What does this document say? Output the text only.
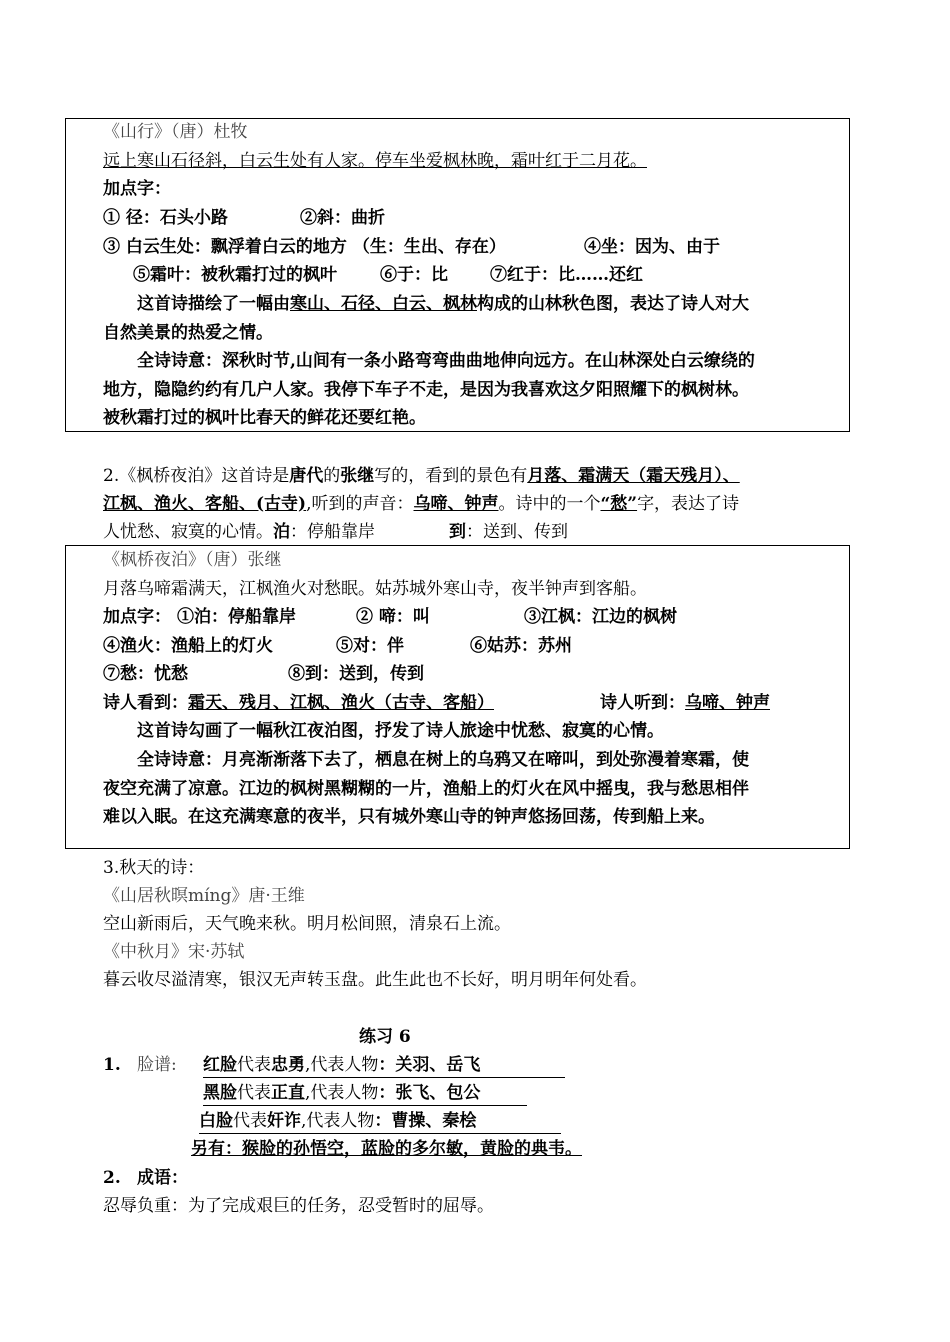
《山行》（唐）杜牧
远上寒山石径斜，白云生处有人家。停车坐爱枫林晚，霜叶红于二月花。
加点字：
① 径：石头小路	②斜：曲折
③ 白云生处：飘浮着白云的地方 （生：生出、存在）	④坐：因为、由于
⑤霜叶：被秋霜打过的枫叶	⑥于：比 ⑦红于：比……还红
这首诗描绘了一幅由寒山、石径、白云、枫林构成的山林秋色图，表达了诗人对大
自然美景的热爱之情。
全诗诗意：深秋时节,山间有一条小路弯弯曲曲地伸向远方。在山林深处白云缭绕的
地方，隐隐约约有几户人家。我停下车子不走，是因为我喜欢这夕阳照耀下的枫树林。
被秋霜打过的枫叶比春天的鲜花还要红艳。
2.《枫桥夜泊》这首诗是唐代的张继写的，看到的景色有月落、霜满天（霜天残月）、
江枫、渔火、客船、(古寺),听到的声音：乌啼、钟声。诗中的一个“愁”字，表达了诗
人忧愁、寂寞的心情。泊：停船靠岸	到：送到、传到
《枫桥夜泊》（唐）张继
月落乌啼霜满天，江枫渔火对愁眠。姑苏城外寒山寺，夜半钟声到客船。
加点字： ①泊：停船靠岸	② 啼：叫	③江枫：江边的枫树
④渔火：渔船上的灯火	⑤对：伴	⑥姑苏：苏州
⑦愁：忧愁	⑧到：送到，传到
诗人看到：霜天、残月、江枫、渔火（古寺、客船）	诗人听到：乌啼、钟声
这首诗勾画了一幅秋江夜泊图，抒发了诗人旅途中忧愁、寂寞的心情。
全诗诗意：月亮渐渐落下去了，栖息在树上的乌鸦又在啼叫，到处弥漫着寒霜，使
夜空充满了凉意。江边的枫树黑糊糊的一片，渔船上的灯火在风中摇曳，我与愁思相伴
难以入眠。在这充满寒意的夜半，只有城外寒山寺的钟声悠扬回荡，传到船上来。
3.秋天的诗：
《山居秋暝míng》唐·王维
空山新雨后，天气晚来秋。明月松间照，清泉石上流。
《中秋月》宋·苏轼
暮云收尽溢清寒，银汉无声转玉盘。此生此也不长好，明月明年何处看。
练习 6
1. 脸谱: 红脸代表忠勇,代表人物：关羽、岳飞
黑脸代表正直,代表人物：张飞、包公
白脸代表奸诈,代表人物：曹操、秦桧
另有：猴脸的孙悟空，蓝脸的多尔敏，黄脸的典韦。
2. 成语：
忍辱负重：为了完成艰巨的任务，忍受暂时的屈辱。
